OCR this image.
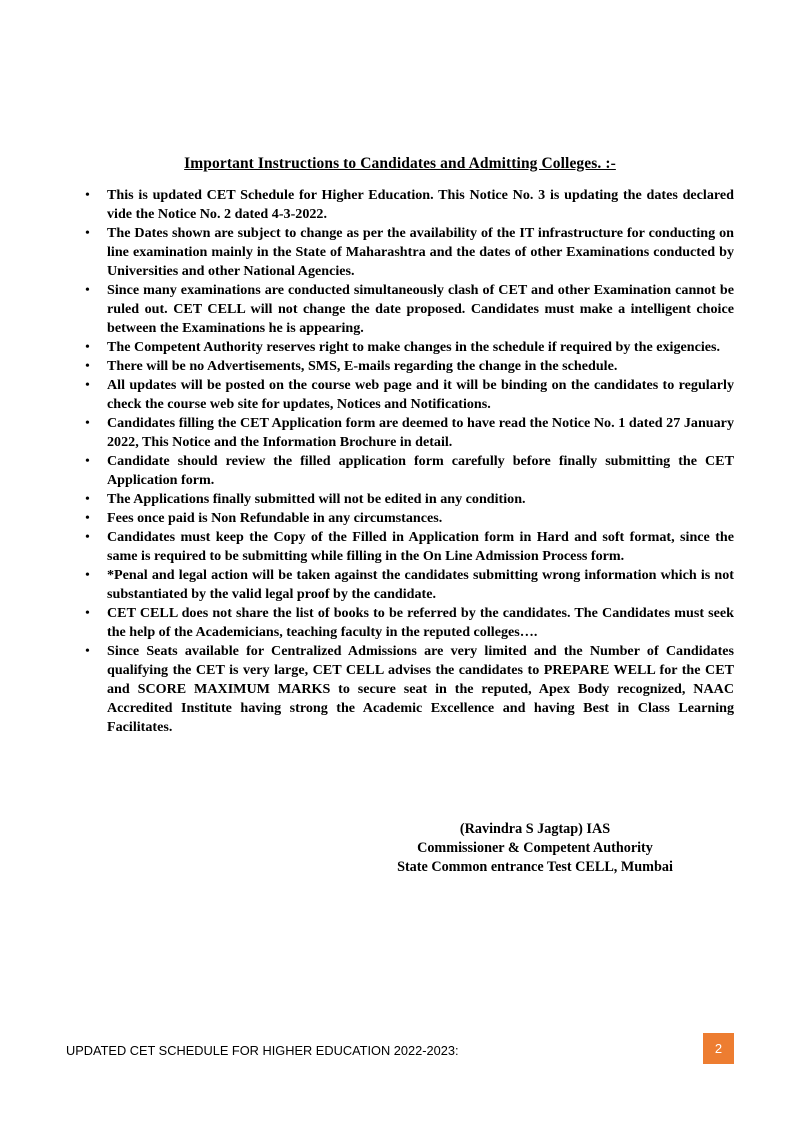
Important Instructions to Candidates and Admitting Colleges. :-
• This is updated CET Schedule for Higher Education. This Notice No. 3 is updating the dates declared vide the Notice No. 2 dated 4-3-2022.
• The Dates shown are subject to change as per the availability of the IT infrastructure for conducting on line examination mainly in the State of Maharashtra and the dates of other Examinations conducted by Universities and other National Agencies.
• Since many examinations are conducted simultaneously clash of CET and other Examination cannot be ruled out. CET CELL will not change the date proposed. Candidates must make a intelligent choice between the Examinations he is appearing.
• The Competent Authority reserves right to make changes in the schedule if required by the exigencies.
• There will be no Advertisements, SMS, E-mails regarding the change in the schedule.
• All updates will be posted on the course web page and it will be binding on the candidates to regularly check the course web site for updates, Notices and Notifications.
• Candidates filling the CET Application form are deemed to have read the Notice No. 1 dated 27 January 2022, This Notice and the Information Brochure in detail.
• Candidate should review the filled application form carefully before finally submitting the CET Application form.
• The Applications finally submitted will not be edited in any condition.
• Fees once paid is Non Refundable in any circumstances.
• Candidates must keep the Copy of the Filled in Application form in Hard and soft format, since the same is required to be submitting while filling in the On Line Admission Process form.
• *Penal and legal action will be taken against the candidates submitting wrong information which is not substantiated by the valid legal proof by the candidate.
• CET CELL does not share the list of books to be referred by the candidates. The Candidates must seek the help of the Academicians, teaching faculty in the reputed colleges….
• Since Seats available for Centralized Admissions are very limited and the Number of Candidates qualifying the CET is very large, CET CELL advises the candidates to PREPARE WELL for the CET and SCORE MAXIMUM MARKS to secure seat in the reputed, Apex Body recognized, NAAC Accredited Institute having strong the Academic Excellence and having Best in Class Learning Facilitates.
(Ravindra S Jagtap) IAS
Commissioner & Competent Authority
State Common entrance Test CELL, Mumbai
UPDATED CET SCHEDULE FOR HIGHER EDUCATION 2022-2023:	2
